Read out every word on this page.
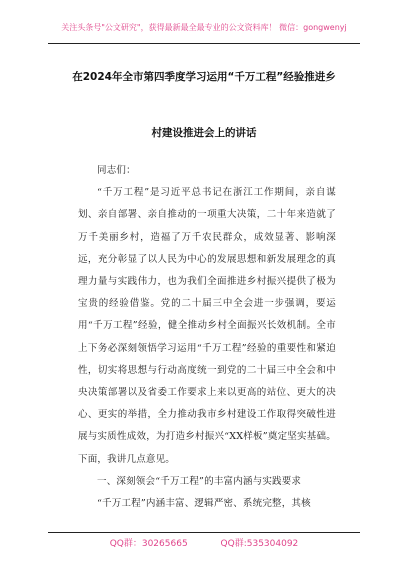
关注头条号"公文研究"，获得最新最全最专业的公文资料库！ 微信：gongwenyj
在2024年全市第四季度学习运用“千万工程”经验推进乡
村建设推进会上的讲话

同志们：

“千万工程”是习近平总书记在浙江工作期间，亲自谋划、亲自部署、亲自推动的一项重大决策，二十年来造就了万千美丽乡村，造福了万千农民群众，成效显著、影响深远，充分彰显了以人民为中心的发展思想和新发展理念的真理力量与实践伟力，也为我们全面推进乡村振兴提供了极为宝贵的经验借鉴。党的二十届三中全会进一步强调，要运用“千万工程”经验，健全推动乡村全面振兴长效机制。全市上下务必深刻领悟学习运用“千万工程”经验的重要性和紧迫性，切实将思想与行动高度统一到党的二十届三中全会和中央决策部署以及省委工作要求上来以更高的站位、更大的决心、更实的举措，全力推动我市乡村建设工作取得突破性进展与实质性成效，为打造乡村振兴“XX样板”奠定坚实基础。下面，我讲几点意见。

一、深刻领会“千万工程”的丰富内涵与实践要求

“千万工程”内涵丰富、逻辑严密、系统完整，其核

QQ群：30265665	QQ群:535304092
